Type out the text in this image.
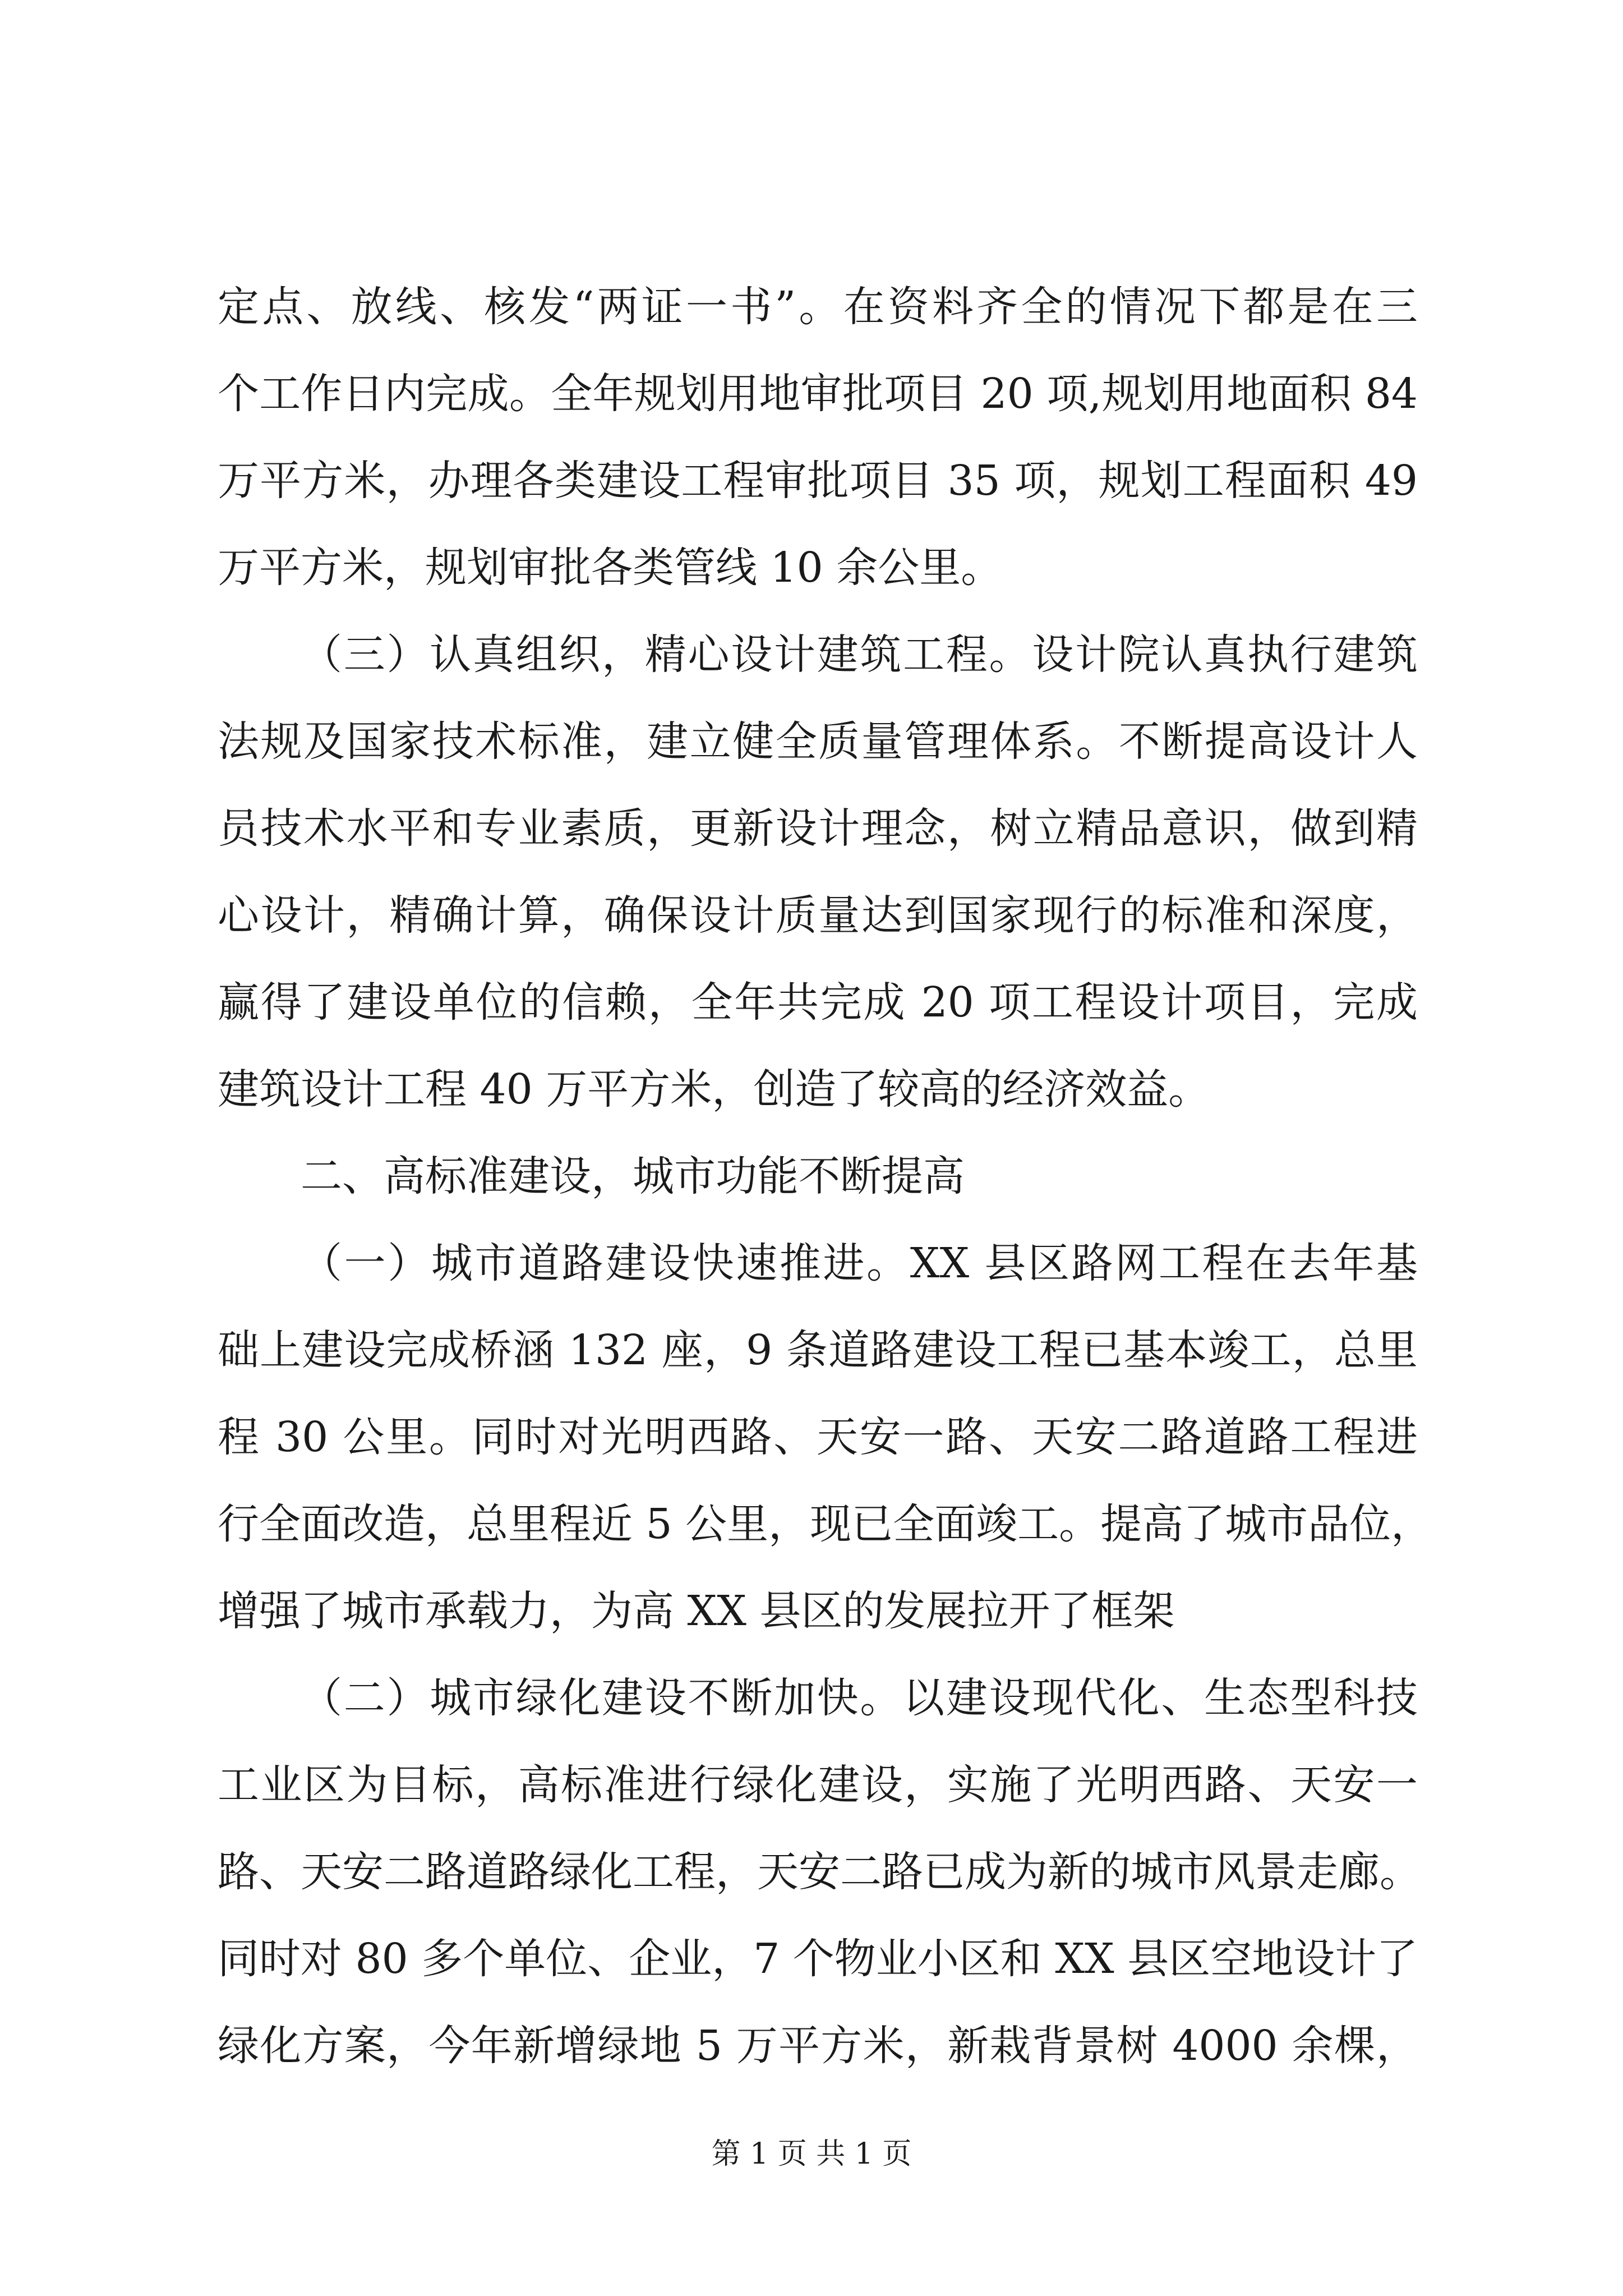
定点、放线、核发“两证一书”。在资料齐全的情况下都是在三
个工作日内完成。全年规划用地审批项目 20 项,规划用地面积 84
万平方米，办理各类建设工程审批项目 35 项，规划工程面积 49
万平方米，规划审批各类管线 10 余公里。
（三）认真组织，精心设计建筑工程。设计院认真执行建筑
法规及国家技术标准，建立健全质量管理体系。不断提高设计人
员技术水平和专业素质，更新设计理念，树立精品意识，做到精
心设计，精确计算，确保设计质量达到国家现行的标准和深度，
赢得了建设单位的信赖，全年共完成 20 项工程设计项目，完成
建筑设计工程 40 万平方米，创造了较高的经济效益。
二、高标准建设，城市功能不断提高
（一）城市道路建设快速推进。XX 县区路网工程在去年基
础上建设完成桥涵 132 座，9 条道路建设工程已基本竣工，总里
程 30 公里。同时对光明西路、天安一路、天安二路道路工程进
行全面改造，总里程近 5 公里，现已全面竣工。提高了城市品位，
增强了城市承载力，为高 XX 县区的发展拉开了框架
（二）城市绿化建设不断加快。以建设现代化、生态型科技
工业区为目标，高标准进行绿化建设，实施了光明西路、天安一
路、天安二路道路绿化工程，天安二路已成为新的城市风景走廊。
同时对 80 多个单位、企业，7 个物业小区和 XX 县区空地设计了
绿化方案，今年新增绿地 5 万平方米，新栽背景树 4000 余棵，
第 1 页 共 1 页
